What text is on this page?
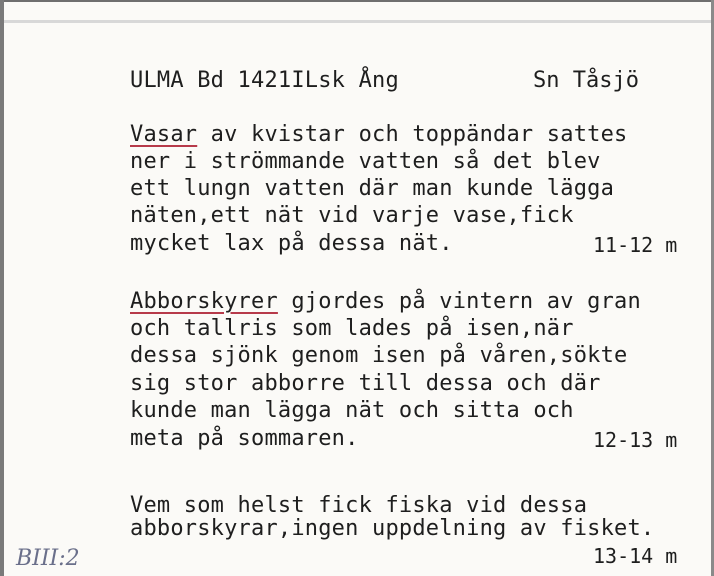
ULMA Bd 1421ILsk Ång	Sn Tåsjö
Vasar av kvistar och toppändar sattes
ner i strömmande vatten så det blev
ett lungn vatten där man kunde lägga
näten,ett nät vid varje vase,fick
mycket lax på dessa nät.	11-12 m
Abborskyrer gjordes på vintern av gran
och tallris som lades på isen,när
dessa sjönk genom isen på våren,sökte
sig stor abborre till dessa och där
kunde man lägga nät och sitta och
meta på sommaren.	12-13 m
Vem som helst fick fiska vid dessa
abborskyrar,ingen uppdelning av fisket.
13-14 m
BIII:2
